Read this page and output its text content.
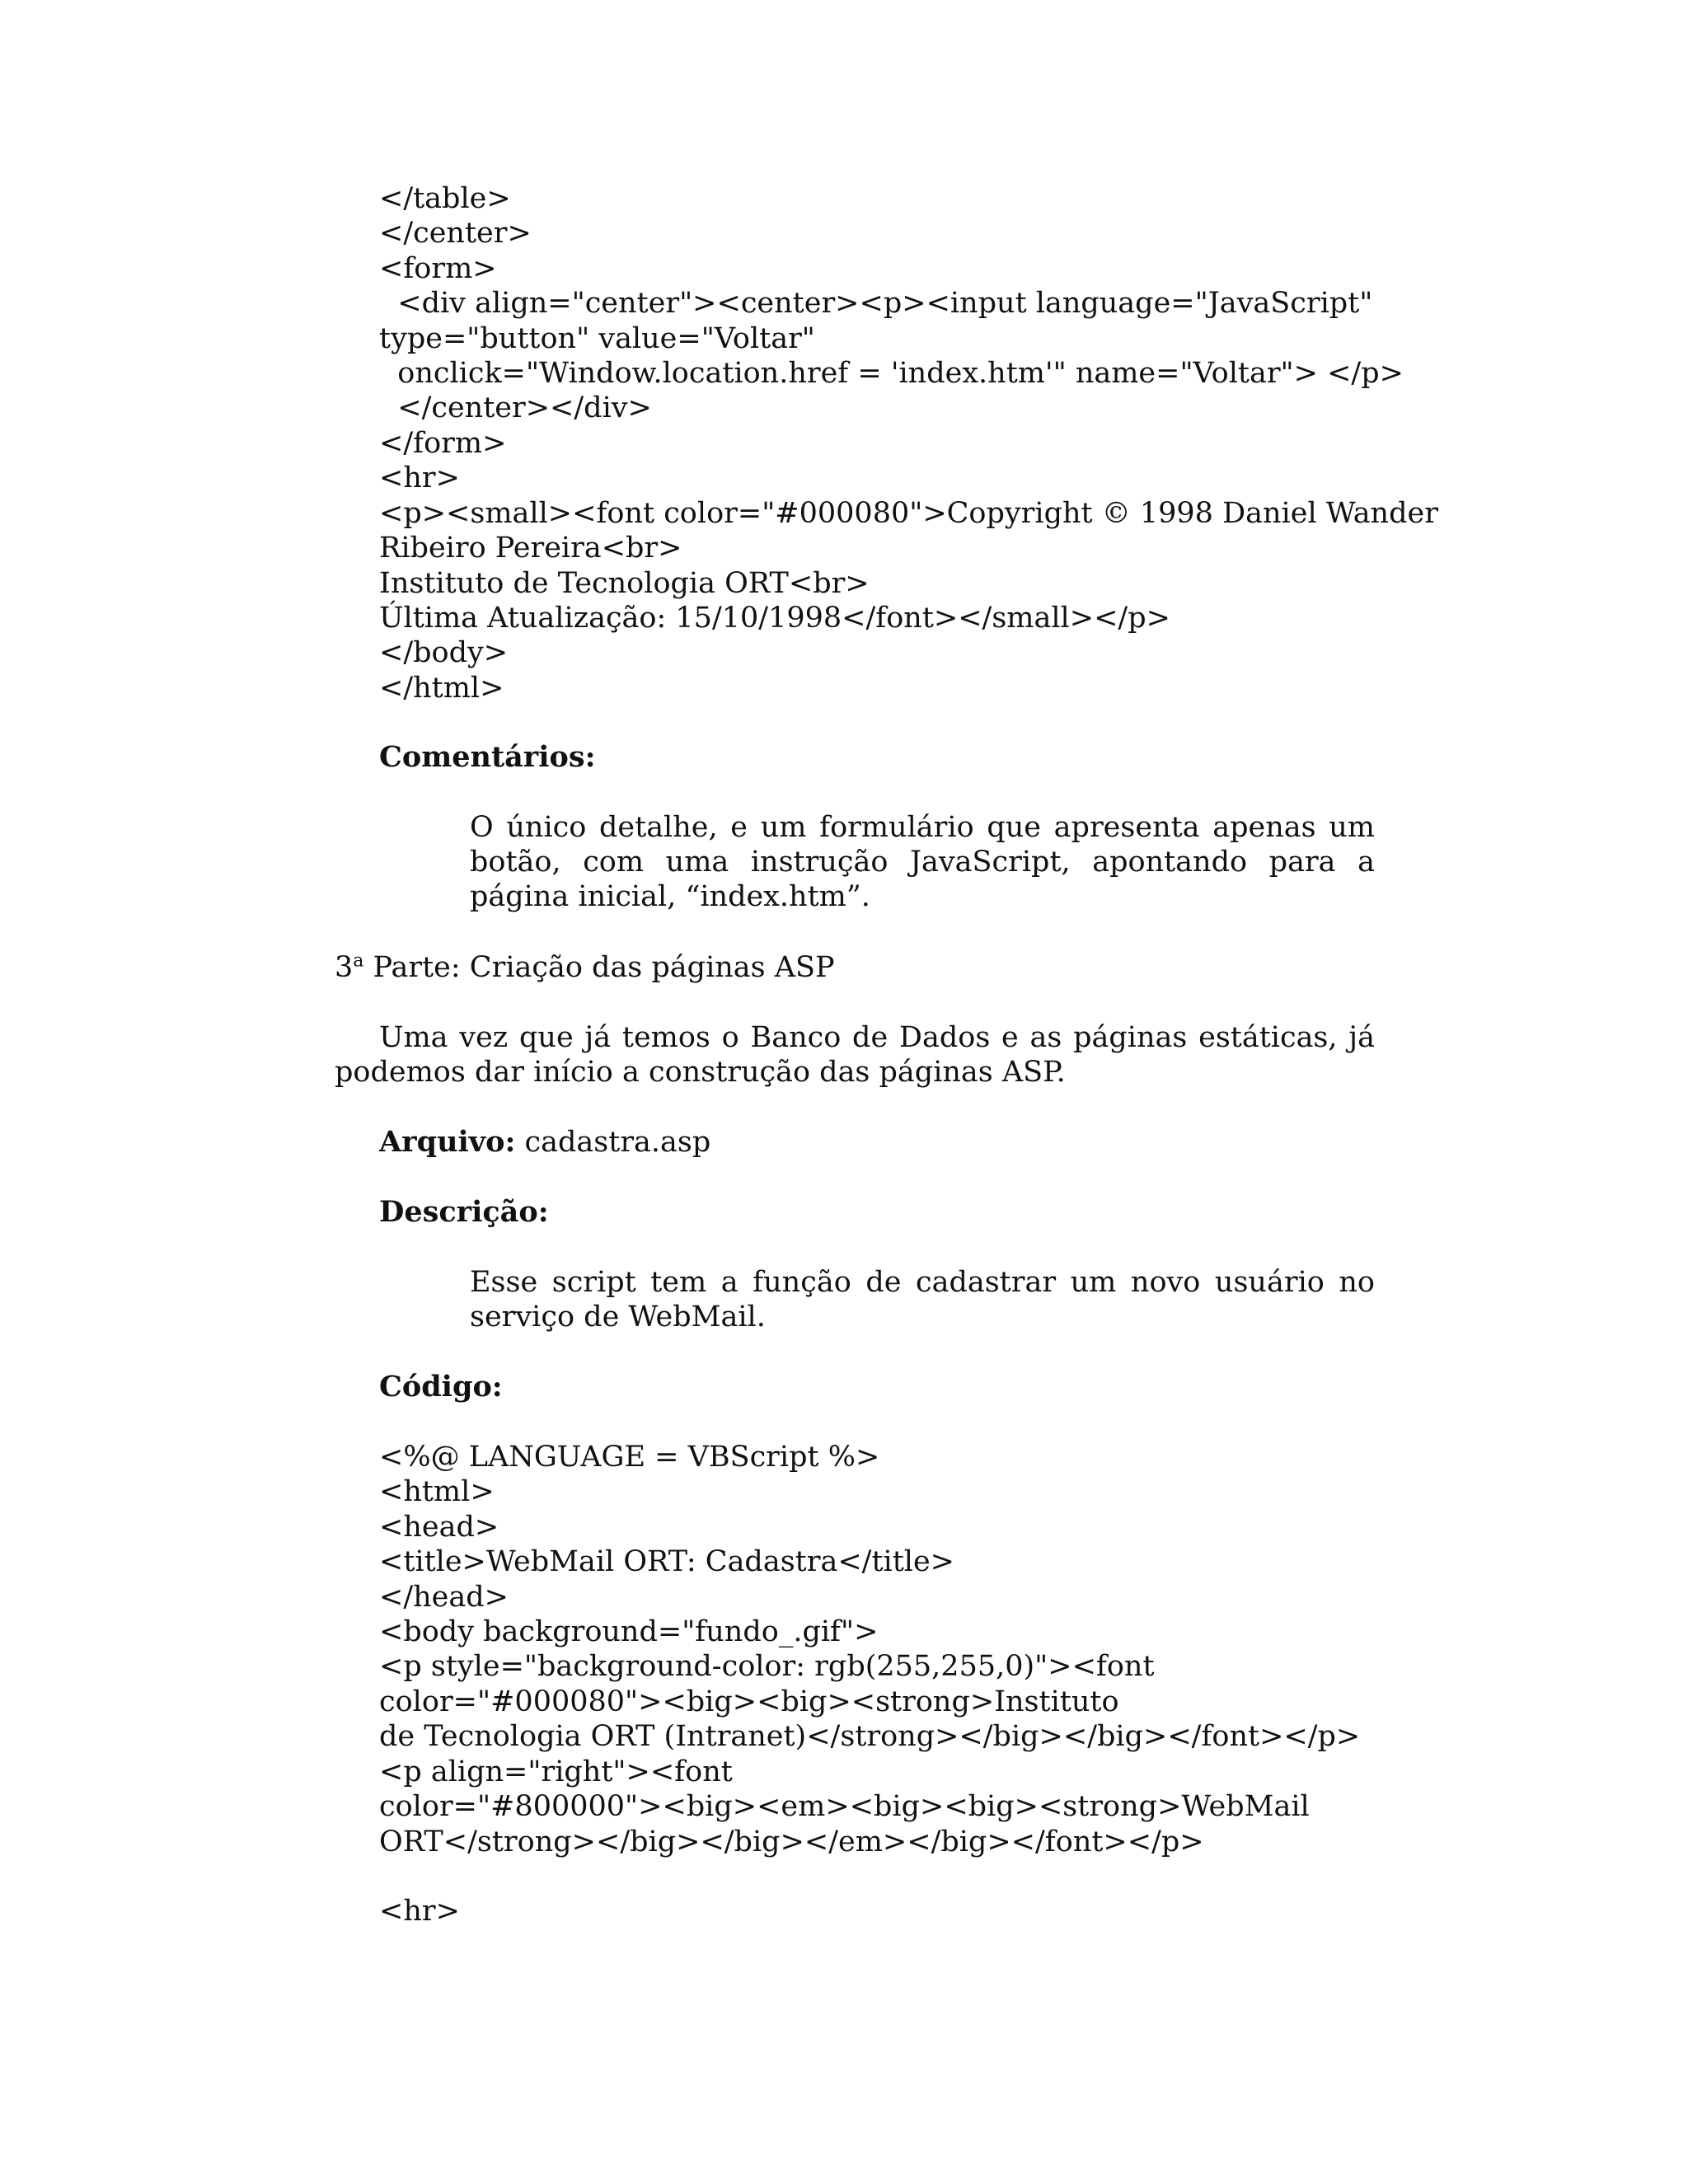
</table>
</center>
<form>
<div align="center"><center><p><input language="JavaScript"
type="button" value="Voltar"
onclick="Window.location.href = 'index.htm'" name="Voltar"> </p>
</center></div>
</form>
<hr>
<p><small><font color="#000080">Copyright © 1998 Daniel Wander
Ribeiro Pereira<br>
Instituto de Tecnologia ORT<br>
Última Atualização: 15/10/1998</font></small></p>
</body>
</html>
Comentários:
O único detalhe, e um formulário que apresenta apenas um botão, com uma instrução JavaScript, apontando para a página inicial, “index.htm”.
3$^a$ Parte: Criação das páginas ASP
Uma vez que já temos o Banco de Dados e as páginas estáticas, já
podemos dar início a construção das páginas ASP.
Arquivo: cadastra.asp
Descrição:
Esse script tem a função de cadastrar um novo usuário no serviço de WebMail.
Código:
<%@ LANGUAGE = VBScript %>
<html>
<head>
<title>WebMail ORT: Cadastra</title>
</head>
<body background="fundo_.gif">
<p style="background-color: rgb(255,255,0)"><font
color="#000080"><big><big><strong>Instituto
de Tecnologia ORT (Intranet)</strong></big></big></font></p>
<p align="right"><font
color="#800000"><big><em><big><big><strong>WebMail
ORT</strong></big></big></em></big></font></p>
<hr>
